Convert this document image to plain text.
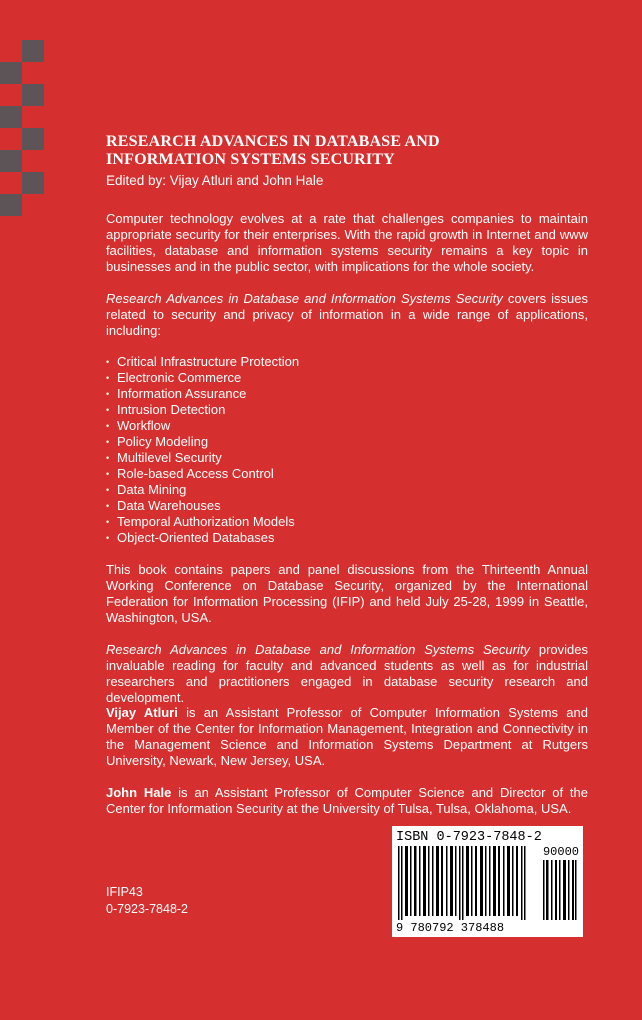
RESEARCH ADVANCES IN DATABASE AND
INFORMATION SYSTEMS SECURITY
Edited by: Vijay Atluri and John Hale
Computer technology evolves at a rate that challenges companies to maintain appropriate security for their enterprises. With the rapid growth in Internet and www facilities, database and information systems security remains a key topic in businesses and in the public sector, with implications for the whole society.
Research Advances in Database and Information Systems Security covers issues related to security and privacy of information in a wide range of applications, including:
• Critical Infrastructure Protection
• Electronic Commerce
• Information Assurance
• Intrusion Detection
• Workflow
• Policy Modeling
• Multilevel Security
• Role-based Access Control
• Data Mining
• Data Warehouses
• Temporal Authorization Models
• Object-Oriented Databases
This book contains papers and panel discussions from the Thirteenth Annual Working Conference on Database Security, organized by the International Federation for Information Processing (IFIP) and held July 25-28, 1999 in Seattle, Washington, USA.
Research Advances in Database and Information Systems Security provides invaluable reading for faculty and advanced students as well as for industrial researchers and practitioners engaged in database security research and development.
Vijay Atluri is an Assistant Professor of Computer Information Systems and Member of the Center for Information Management, Integration and Connectivity in the Management Science and Information Systems Department at Rutgers University, Newark, New Jersey, USA.
John Hale is an Assistant Professor of Computer Science and Director of the Center for Information Security at the University of Tulsa, Tulsa, Oklahoma, USA.
ISBN 0-7923-7848-2
90000
9 780792 378488
IFIP43
0-7923-7848-2
